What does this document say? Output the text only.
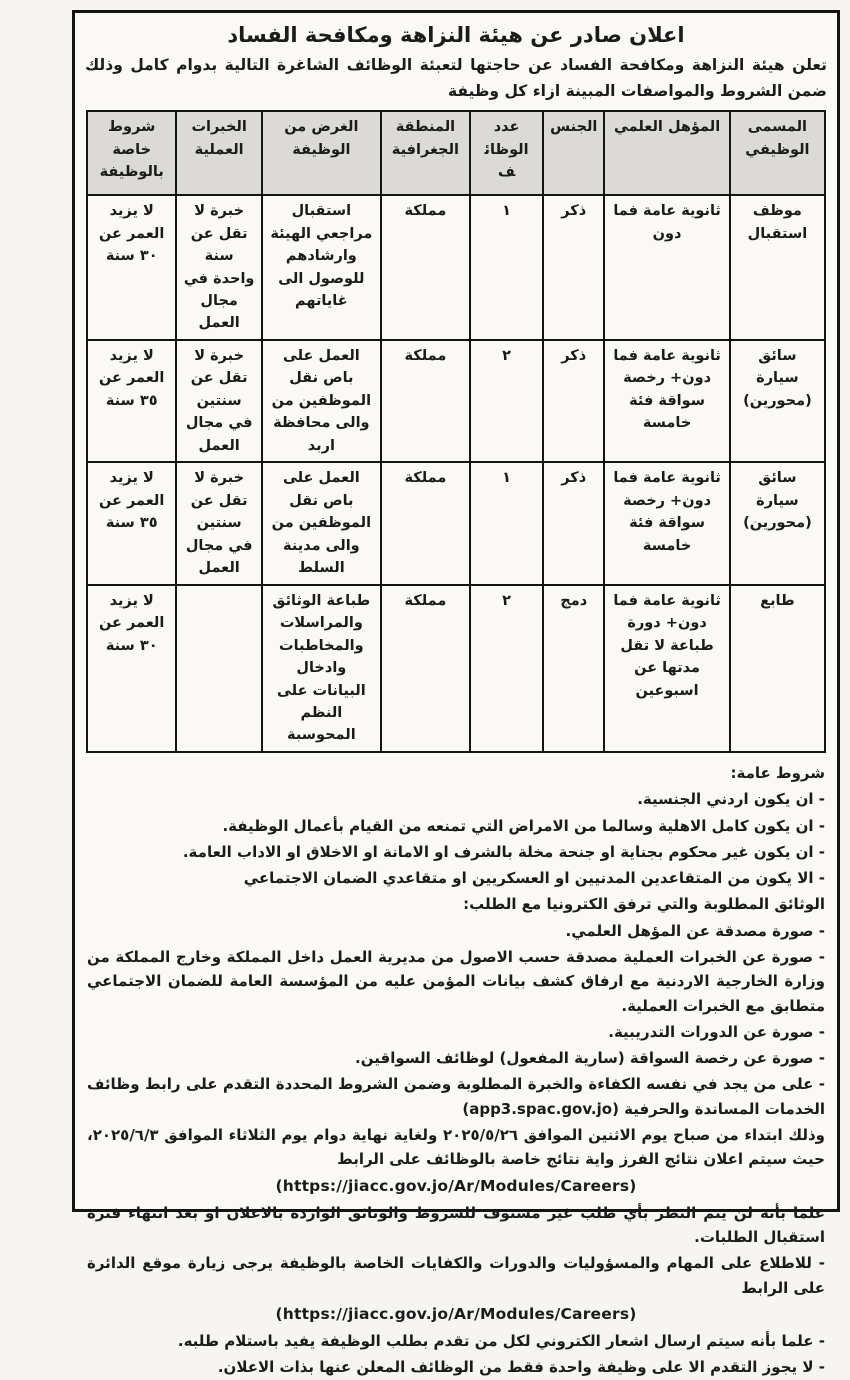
اعلان صادر عن هيئة النزاهة ومكافحة الفساد

تعلن هيئة النزاهة ومكافحة الفساد عن حاجتها لتعبئة الوظائف الشاغرة التالية بدوام كامل وذلك ضمن الشروط والمواصفات المبينة ازاء كل وظيفة

المسمى الوظيفي	المؤهل العلمي	الجنس	عدد الوظائف	المنطقة الجغرافية	الغرض من الوظيفة	الخبرات العملية	شروط خاصة بالوظيفة
موظف استقبال	ثانوية عامة فما دون	ذكر	١	مملكة	استقبال مراجعي الهيئة وارشادهم للوصول الى غاياتهم	خبرة لا تقل عن سنة واحدة في مجال العمل	لا يزيد العمر عن ٣٠ سنة
سائق سيارة (محورين)	ثانوية عامة فما دون+ رخصة سواقة فئة خامسة	ذكر	٢	مملكة	العمل على باص نقل الموظفين من والى محافظة اربد	خبرة لا تقل عن سنتين في مجال العمل	لا يزيد العمر عن ٣٥ سنة
سائق سيارة (محورين)	ثانوية عامة فما دون+ رخصة سواقة فئة خامسة	ذكر	١	مملكة	العمل على باص نقل الموظفين من والى مدينة السلط	خبرة لا تقل عن سنتين في مجال العمل	لا يزيد العمر عن ٣٥ سنة
طابع	ثانوية عامة فما دون+ دورة طباعة لا تقل مدتها عن اسبوعين	دمج	٢	مملكة	طباعة الوثائق والمراسلات والمخاطبات وادخال البيانات على النظم المحوسبة		لا يزيد العمر عن ٣٠ سنة

شروط عامة:

- ان يكون اردني الجنسية.

- ان يكون كامل الاهلية وسالما من الامراض التي تمنعه من القيام بأعمال الوظيفة.

- ان يكون غير محكوم بجناية او جنحة مخلة بالشرف او الامانة او الاخلاق او الاداب العامة.

- الا يكون من المتقاعدين المدنيين او العسكريين او متقاعدي الضمان الاجتماعي

الوثائق المطلوبة والتي ترفق الكترونيا مع الطلب:

- صورة مصدقة عن المؤهل العلمي.

- صورة عن الخبرات العملية مصدقة حسب الاصول من مديرية العمل داخل المملكة وخارج المملكة من وزارة الخارجية الاردنية مع ارفاق كشف بيانات المؤمن عليه من المؤسسة العامة للضمان الاجتماعي متطابق مع الخبرات العملية.

- صورة عن الدورات التدريبية.

- صورة عن رخصة السواقة (سارية المفعول) لوظائف السواقين.

- على من يجد في نفسه الكفاءة والخبرة المطلوبة وضمن الشروط المحددة التقدم على رابط وظائف الخدمات المساندة والحرفية (app3.spac.gov.jo)

وذلك ابتداء من صباح يوم الاثنين الموافق ٢٠٢٥/٥/٢٦ ولغاية نهاية دوام يوم الثلاثاء الموافق ٢٠٢٥/٦/٣، حيث سيتم اعلان نتائج الفرز واية نتائج خاصة بالوظائف على الرابط

(https://jiacc.gov.jo/Ar/Modules/Careers)

علما بأنه لن يتم النظر بأي طلب غير مستوف للشروط والوثائق الواردة بالاعلان او بعد انتهاء فترة استقبال الطلبات.

- للاطلاع على المهام والمسؤوليات والدورات والكفايات الخاصة بالوظيفة يرجى زيارة موقع الدائرة على الرابط

(https://jiacc.gov.jo/Ar/Modules/Careers)

- علما بأنه سيتم ارسال اشعار الكتروني لكل من تقدم بطلب الوظيفة يفيد باستلام طلبه.

- لا يجوز التقدم الا على وظيفة واحدة فقط من الوظائف المعلن عنها بذات الاعلان.
